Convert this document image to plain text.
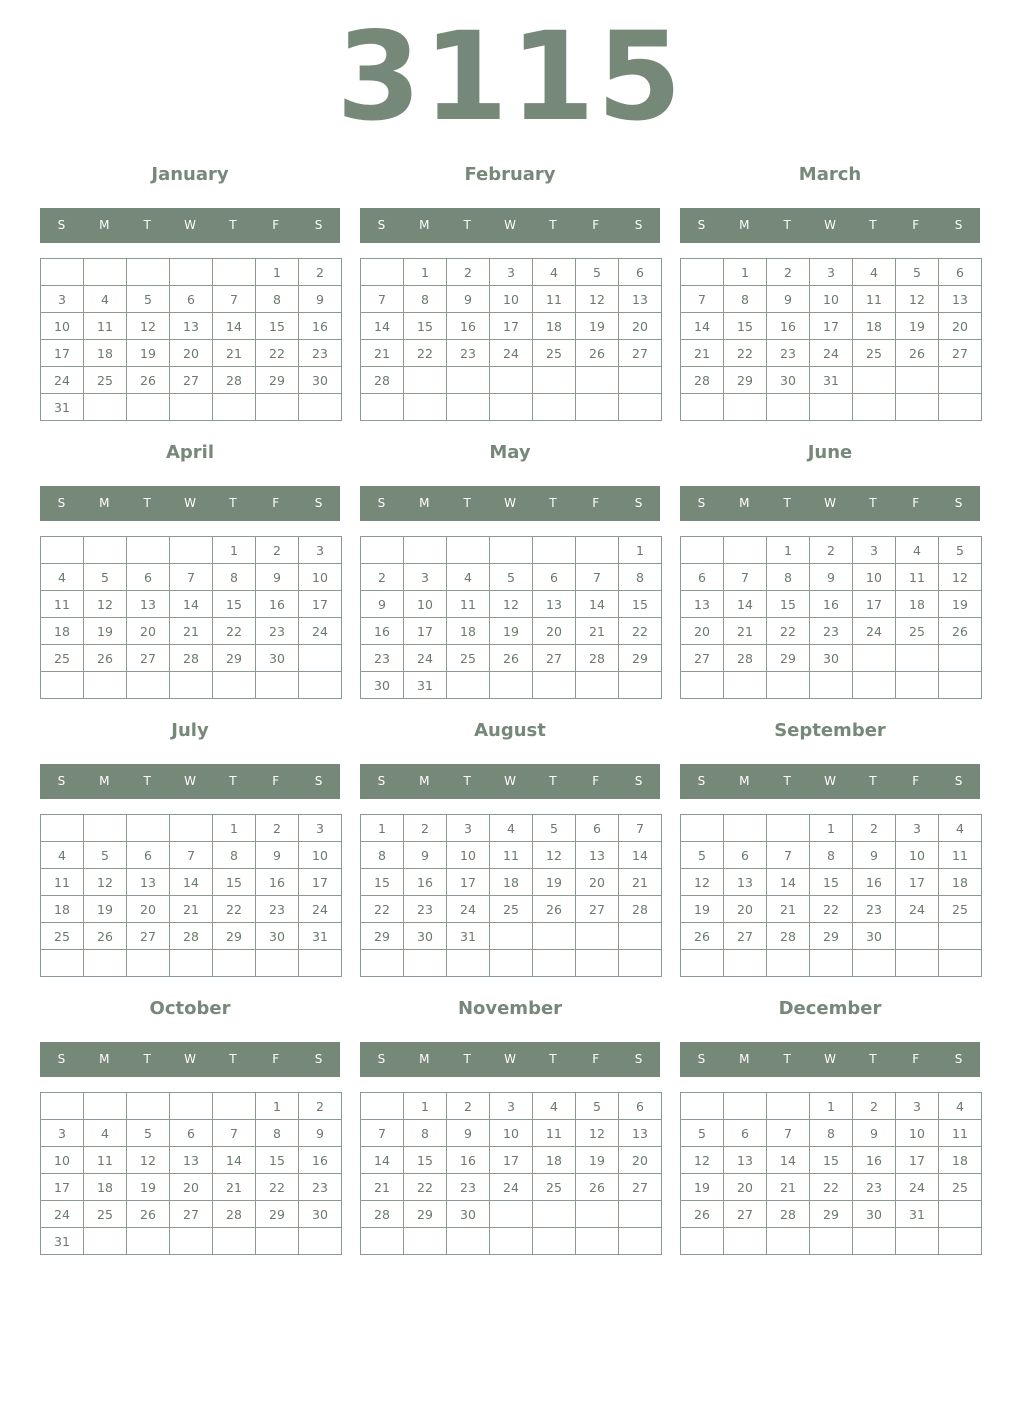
3115
January
S	M	T	W	T	F	S
					1	2
3	4	5	6	7	8	9
10	11	12	13	14	15	16
17	18	19	20	21	22	23
24	25	26	27	28	29	30
31						
February
S	M	T	W	T	F	S
	1	2	3	4	5	6
7	8	9	10	11	12	13
14	15	16	17	18	19	20
21	22	23	24	25	26	27
28						

March
S	M	T	W	T	F	S
	1	2	3	4	5	6
7	8	9	10	11	12	13
14	15	16	17	18	19	20
21	22	23	24	25	26	27
28	29	30	31			

April
S	M	T	W	T	F	S
				1	2	3
4	5	6	7	8	9	10
11	12	13	14	15	16	17
18	19	20	21	22	23	24
25	26	27	28	29	30	

May
S	M	T	W	T	F	S
						1
2	3	4	5	6	7	8
9	10	11	12	13	14	15
16	17	18	19	20	21	22
23	24	25	26	27	28	29
30	31					
June
S	M	T	W	T	F	S
		1	2	3	4	5
6	7	8	9	10	11	12
13	14	15	16	17	18	19
20	21	22	23	24	25	26
27	28	29	30			

July
S	M	T	W	T	F	S
				1	2	3
4	5	6	7	8	9	10
11	12	13	14	15	16	17
18	19	20	21	22	23	24
25	26	27	28	29	30	31

August
S	M	T	W	T	F	S
1	2	3	4	5	6	7
8	9	10	11	12	13	14
15	16	17	18	19	20	21
22	23	24	25	26	27	28
29	30	31				

September
S	M	T	W	T	F	S
			1	2	3	4
5	6	7	8	9	10	11
12	13	14	15	16	17	18
19	20	21	22	23	24	25
26	27	28	29	30		

October
S	M	T	W	T	F	S
					1	2
3	4	5	6	7	8	9
10	11	12	13	14	15	16
17	18	19	20	21	22	23
24	25	26	27	28	29	30
31						
November
S	M	T	W	T	F	S
	1	2	3	4	5	6
7	8	9	10	11	12	13
14	15	16	17	18	19	20
21	22	23	24	25	26	27
28	29	30				

December
S	M	T	W	T	F	S
			1	2	3	4
5	6	7	8	9	10	11
12	13	14	15	16	17	18
19	20	21	22	23	24	25
26	27	28	29	30	31	
